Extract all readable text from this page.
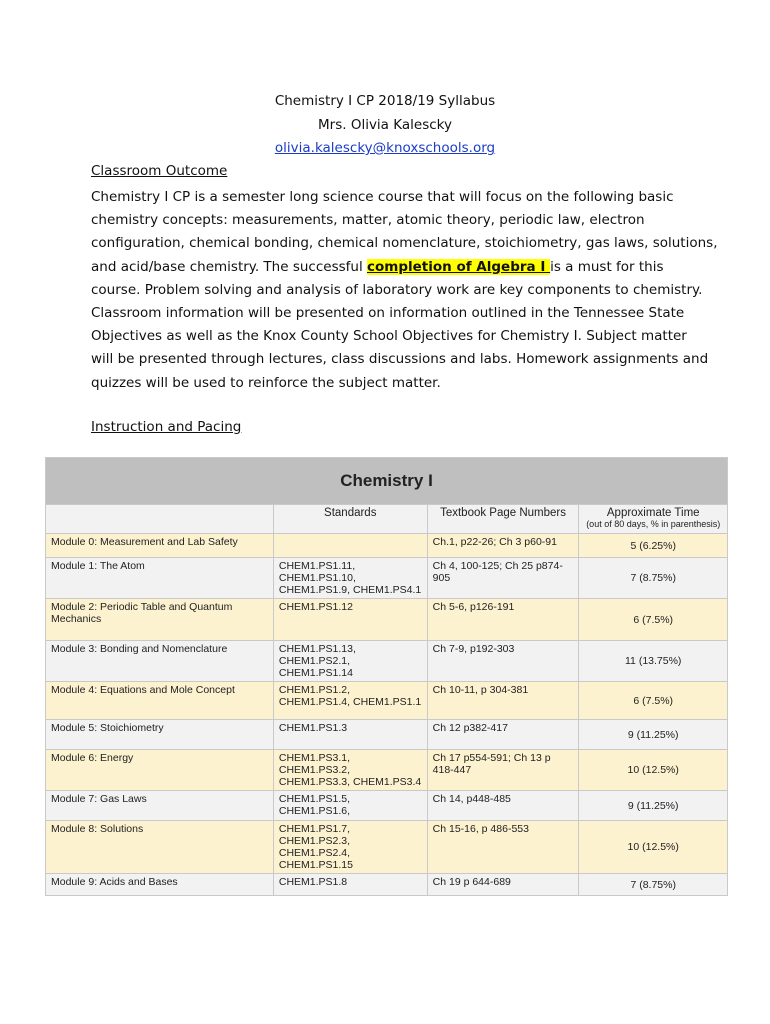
Chemistry I CP 2018/19 Syllabus
Mrs. Olivia Kalescky
olivia.kalescky@knoxschools.org
Classroom Outcome
Chemistry I CP is a semester long science course that will focus on the following basic
chemistry concepts: measurements, matter, atomic theory, periodic law, electron
configuration, chemical bonding, chemical nomenclature, stoichiometry, gas laws, solutions,
and acid/base chemistry. The successful completion of Algebra I is a must for this
course. Problem solving and analysis of laboratory work are key components to chemistry.
Classroom information will be presented on information outlined in the Tennessee State
Objectives as well as the Knox County School Objectives for Chemistry I. Subject matter
will be presented through lectures, class discussions and labs. Homework assignments and
quizzes will be used to reinforce the subject matter.
Instruction and Pacing
Chemistry I			
	Standards	Textbook Page Numbers	Approximate Time
(out of 80 days, % in parenthesis)

Module 0: Measurement and Lab Safety		Ch.1, p22-26; Ch 3 p60-91	5 (6.25%)
Module 1: The Atom	CHEM1.PS1.11, CHEM1.PS1.10, CHEM1.PS1.9, CHEM1.PS4.1	Ch 4, 100-125; Ch 25 p874-905	7 (8.75%)
Module 2: Periodic Table and Quantum Mechanics	CHEM1.PS1.12	Ch 5-6, p126-191	6 (7.5%)
Module 3: Bonding and Nomenclature	CHEM1.PS1.13, CHEM1.PS2.1, CHEM1.PS1.14	Ch 7-9, p192-303	11 (13.75%)
Module 4: Equations and Mole Concept	CHEM1.PS1.2, CHEM1.PS1.4, CHEM1.PS1.1	Ch 10-11, p 304-381	6 (7.5%)
Module 5: Stoichiometry	CHEM1.PS1.3	Ch 12 p382-417	9 (11.25%)
Module 6: Energy	CHEM1.PS3.1, CHEM1.PS3.2, CHEM1.PS3.3, CHEM1.PS3.4	Ch 17 p554-591; Ch 13 p 418-447	10 (12.5%)
Module 7: Gas Laws	CHEM1.PS1.5, CHEM1.PS1.6,	Ch 14, p448-485	9 (11.25%)
Module 8: Solutions	CHEM1.PS1.7, CHEM1.PS2.3, CHEM1.PS2.4, CHEM1.PS1.15	Ch 15-16, p 486-553	10 (12.5%)
Module 9: Acids and Bases	CHEM1.PS1.8	Ch 19 p 644-689	7 (8.75%)
